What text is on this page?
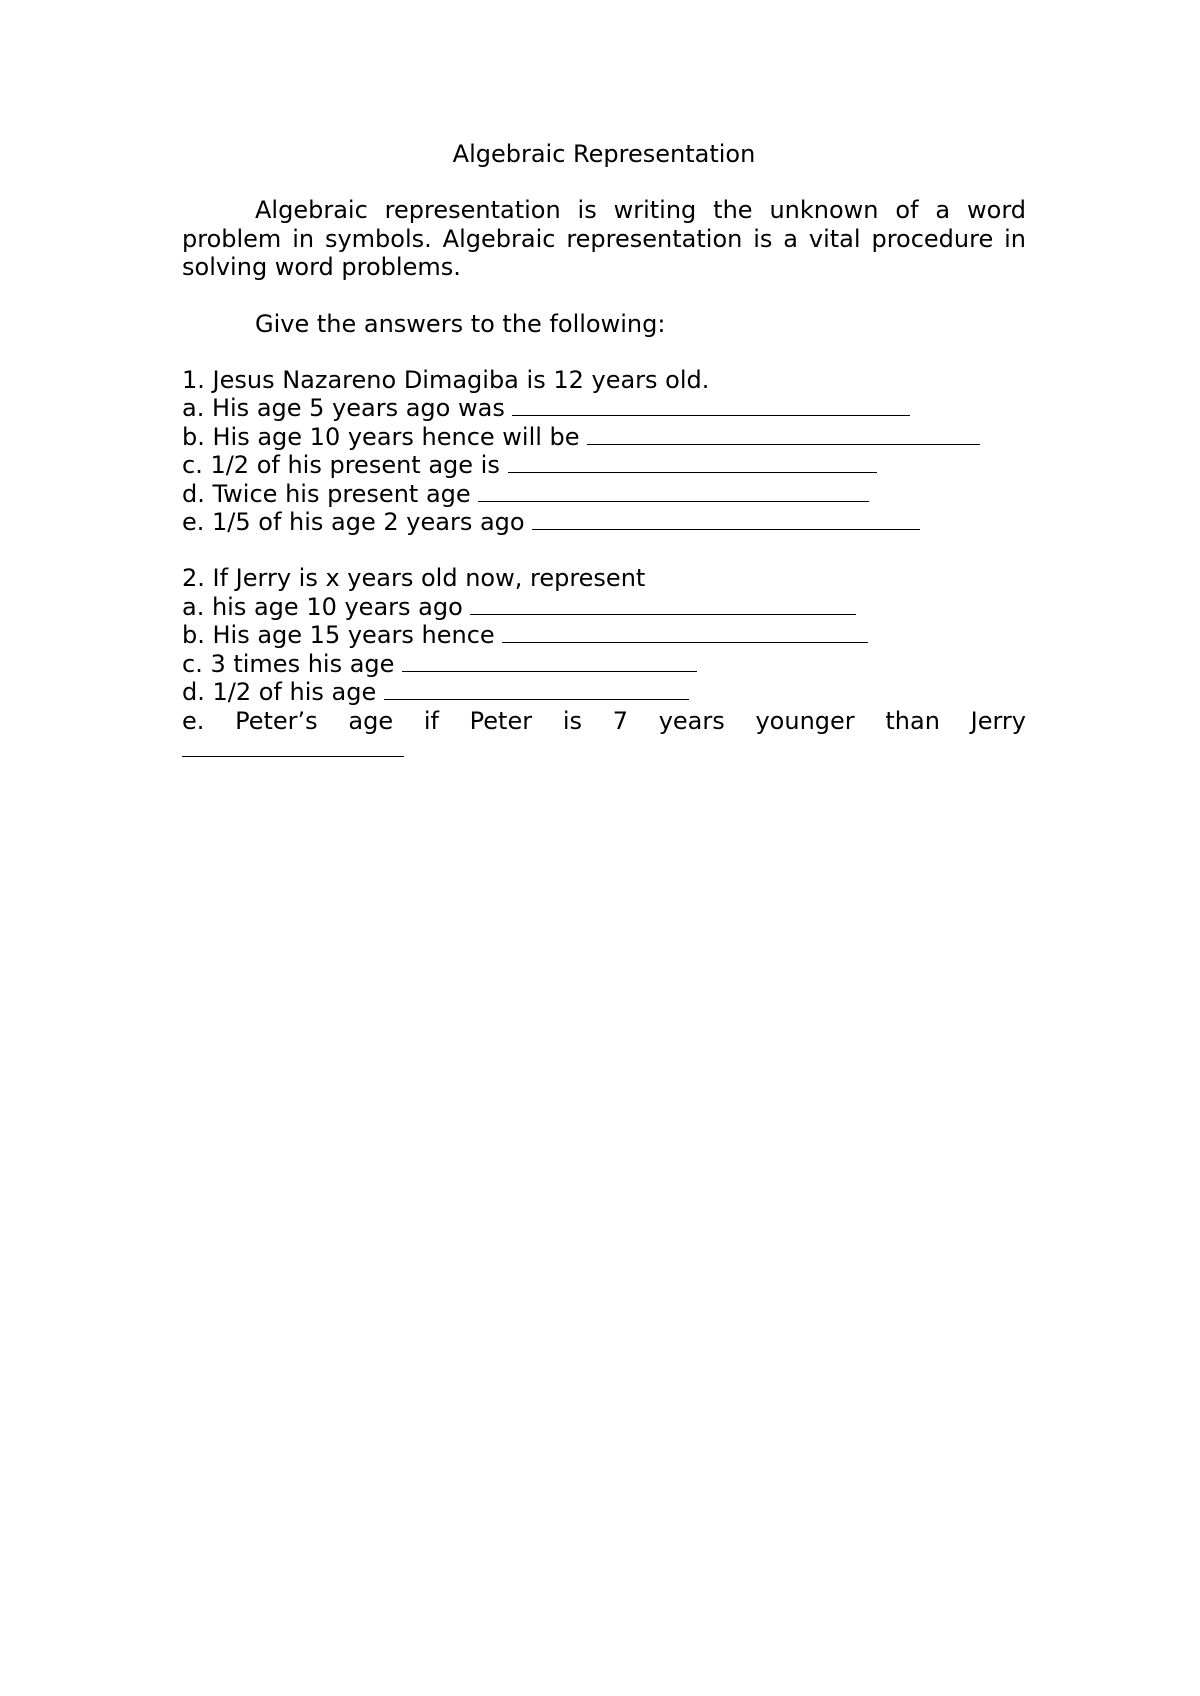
Algebraic Representation

Algebraic representation is writing the unknown of a word problem in symbols. Algebraic representation is a vital procedure in solving word problems.

Give the answers to the following:

1. Jesus Nazareno Dimagiba is 12 years old.

a. His age 5 years ago was

b. His age 10 years hence will be

c. 1/2 of his present age is

d. Twice his present age

e. 1/5 of his age 2 years ago

2. If Jerry is x years old now, represent

a. his age 10 years ago

b. His age 15 years hence

c. 3 times his age

d. 1/2 of his age

e. Peter’s age if Peter is 7 years younger than Jerry
